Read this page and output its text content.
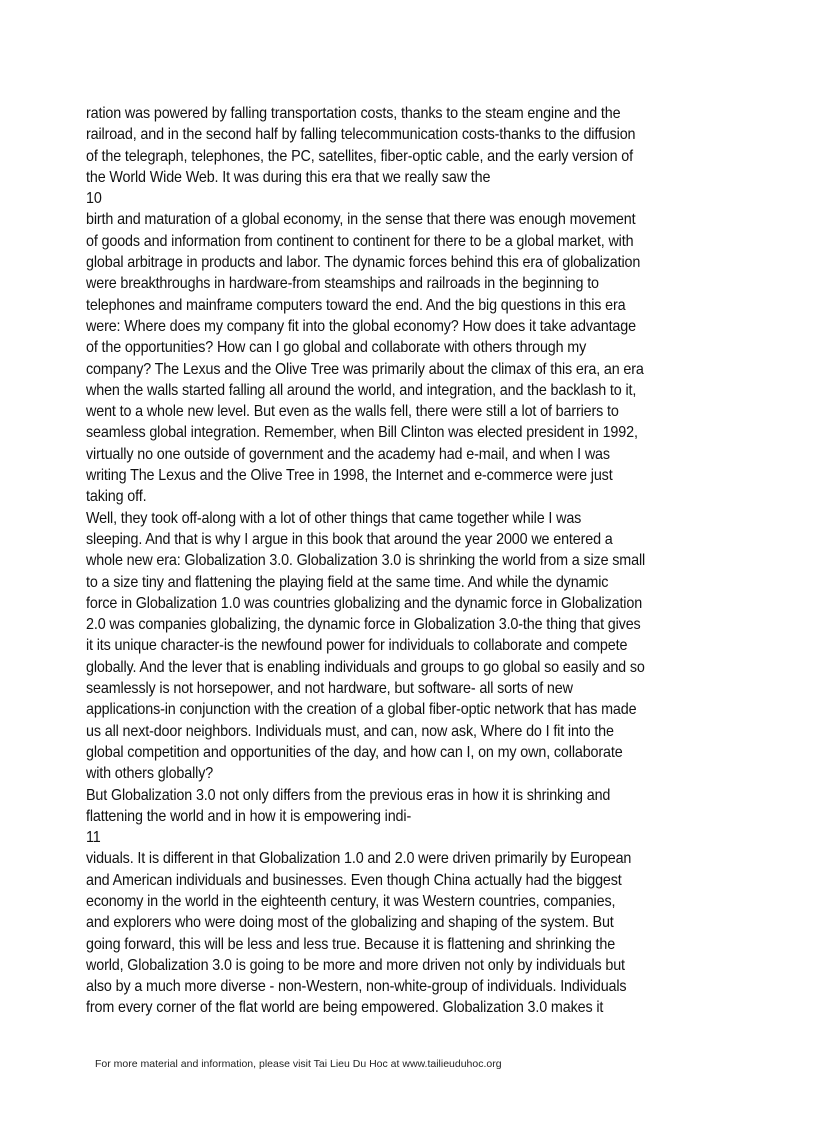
ration was powered by falling transportation costs, thanks to the steam engine and the
railroad, and in the second half by falling telecommunication costs-thanks to the diffusion
of the telegraph, telephones, the PC, satellites, fiber-optic cable, and the early version of
the World Wide Web. It was during this era that we really saw the
10
birth and maturation of a global economy, in the sense that there was enough movement
of goods and information from continent to continent for there to be a global market, with
global arbitrage in products and labor. The dynamic forces behind this era of globalization
were breakthroughs in hardware-from steamships and railroads in the beginning to
telephones and mainframe computers toward the end. And the big questions in this era
were: Where does my company fit into the global economy? How does it take advantage
of the opportunities? How can I go global and collaborate with others through my
company? The Lexus and the Olive Tree was primarily about the climax of this era, an era
when the walls started falling all around the world, and integration, and the backlash to it,
went to a whole new level. But even as the walls fell, there were still a lot of barriers to
seamless global integration. Remember, when Bill Clinton was elected president in 1992,
virtually no one outside of government and the academy had e-mail, and when I was
writing The Lexus and the Olive Tree in 1998, the Internet and e-commerce were just
taking off.
Well, they took off-along with a lot of other things that came together while I was
sleeping. And that is why I argue in this book that around the year 2000 we entered a
whole new era: Globalization 3.0. Globalization 3.0 is shrinking the world from a size small
to a size tiny and flattening the playing field at the same time. And while the dynamic
force in Globalization 1.0 was countries globalizing and the dynamic force in Globalization
2.0 was companies globalizing, the dynamic force in Globalization 3.0-the thing that gives
it its unique character-is the newfound power for individuals to collaborate and compete
globally. And the lever that is enabling individuals and groups to go global so easily and so
seamlessly is not horsepower, and not hardware, but software- all sorts of new
applications-in conjunction with the creation of a global fiber-optic network that has made
us all next-door neighbors. Individuals must, and can, now ask, Where do I fit into the
global competition and opportunities of the day, and how can I, on my own, collaborate
with others globally?
But Globalization 3.0 not only differs from the previous eras in how it is shrinking and
flattening the world and in how it is empowering indi-
11
viduals. It is different in that Globalization 1.0 and 2.0 were driven primarily by European
and American individuals and businesses. Even though China actually had the biggest
economy in the world in the eighteenth century, it was Western countries, companies,
and explorers who were doing most of the globalizing and shaping of the system. But
going forward, this will be less and less true. Because it is flattening and shrinking the
world, Globalization 3.0 is going to be more and more driven not only by individuals but
also by a much more diverse - non-Western, non-white-group of individuals. Individuals
from every corner of the flat world are being empowered. Globalization 3.0 makes it
For more material and information, please visit Tai Lieu Du Hoc at www.tailieuduhoc.org
